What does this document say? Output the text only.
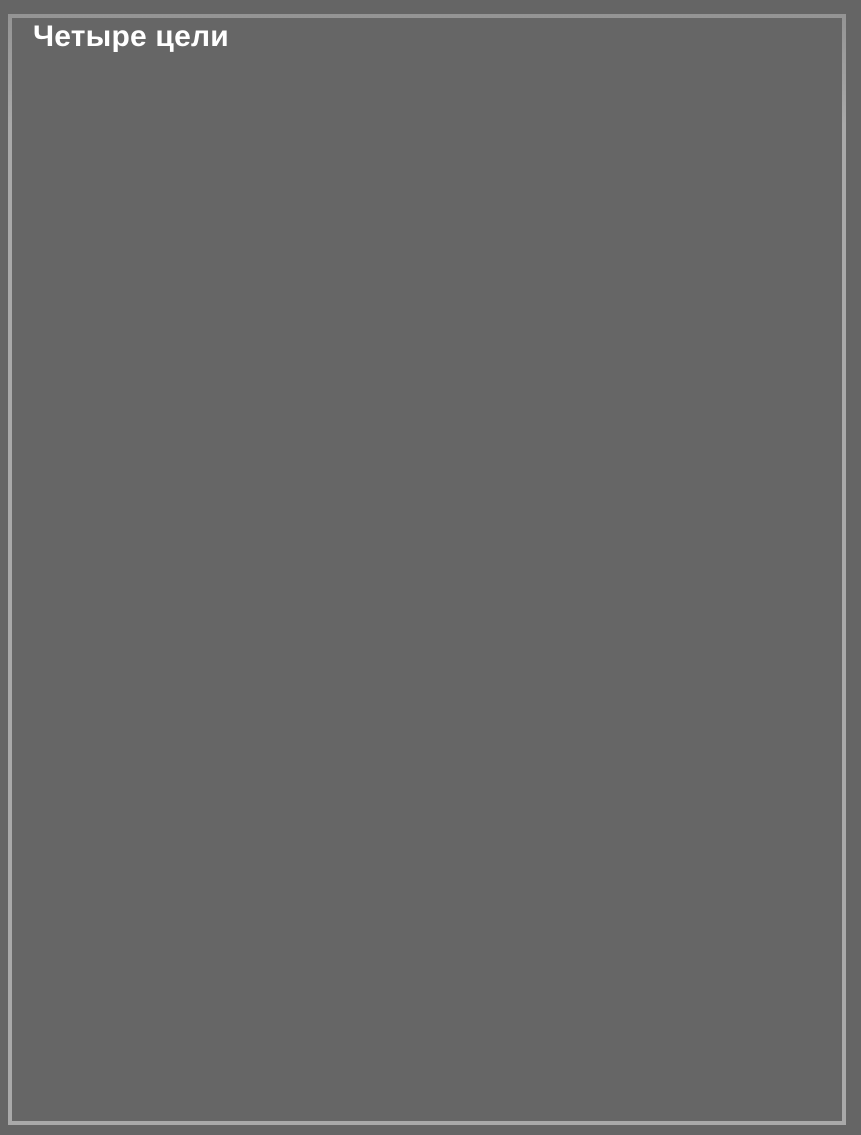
Четыре цели
